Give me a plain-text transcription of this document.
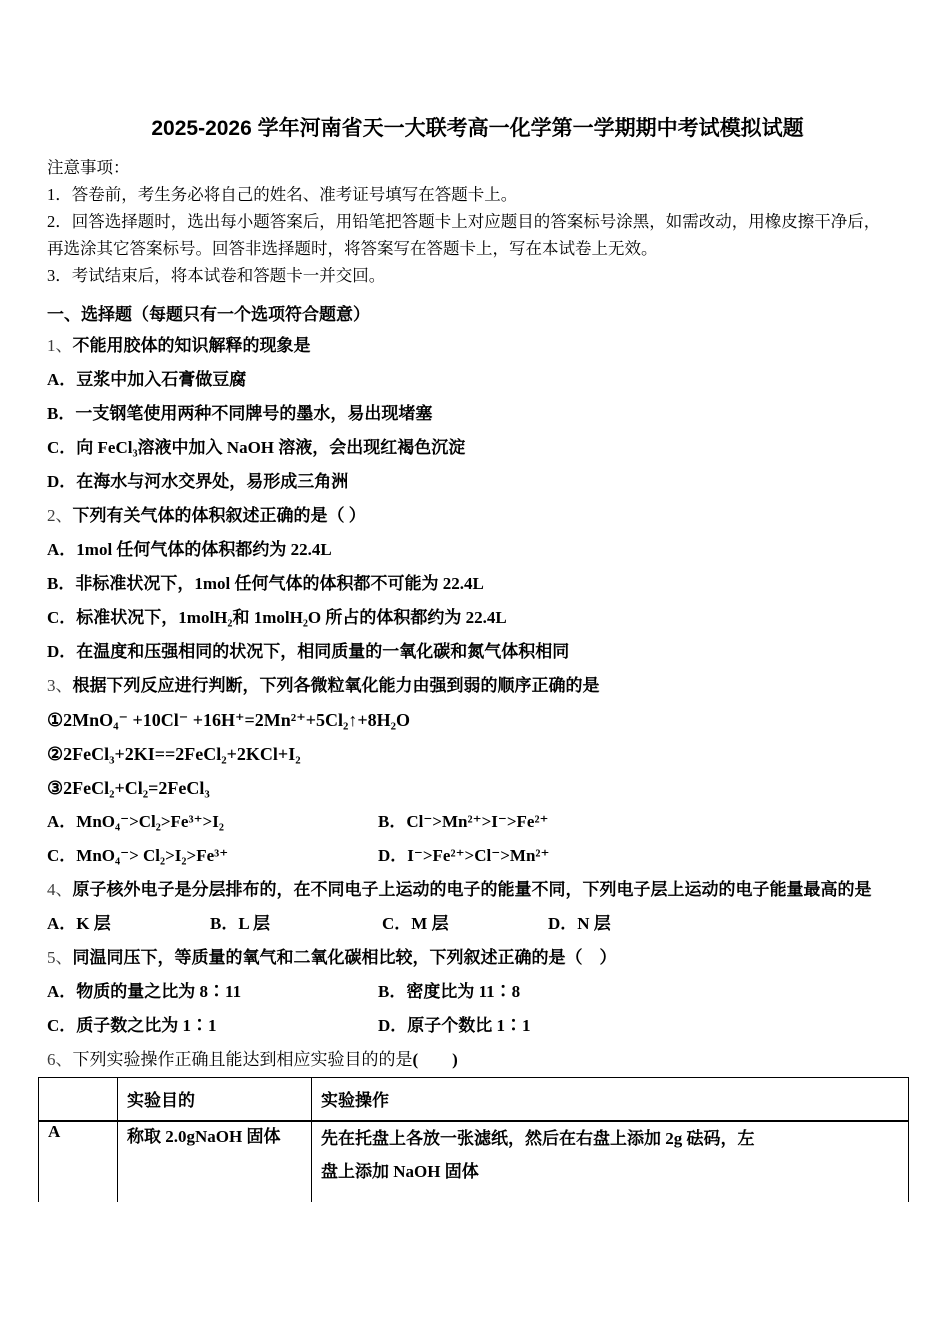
2025-2026 学年河南省天一大联考高一化学第一学期期中考试模拟试题
注意事项：
1．答卷前，考生务必将自己的姓名、准考证号填写在答题卡上。
2．回答选择题时，选出每小题答案后，用铅笔把答题卡上对应题目的答案标号涂黑，如需改动，用橡皮擦干净后，
再选涂其它答案标号。回答非选择题时，将答案写在答题卡上，写在本试卷上无效。
3．考试结束后，将本试卷和答题卡一并交回。
一、选择题（每题只有一个选项符合题意）
1、不能用胶体的知识解释的现象是
A．豆浆中加入石膏做豆腐
B．一支钢笔使用两种不同牌号的墨水，易出现堵塞
C．向 FeCl₃溶液中加入 NaOH 溶液，会出现红褐色沉淀
D．在海水与河水交界处，易形成三角洲
2、下列有关气体的体积叙述正确的是（ ）
A．1mol 任何气体的体积都约为 22.4L
B．非标准状况下，1mol 任何气体的体积都不可能为 22.4L
C．标准状况下，1molH₂和 1molH₂O 所占的体积都约为 22.4L
D．在温度和压强相同的状况下，相同质量的一氧化碳和氮气体积相同
3、根据下列反应进行判断，下列各微粒氧化能力由强到弱的顺序正确的是
①2MnO₄⁻ +10Cl⁻ +16H⁺=2Mn²⁺+5Cl₂↑+8H₂O
②2FeCl₃+2KI==2FeCl₂+2KCl+I₂
③2FeCl₂+Cl₂=2FeCl₃
A．MnO₄⁻>Cl₂>Fe³⁺>I₂	B．Cl⁻>Mn²⁺>I⁻>Fe²⁺
C．MnO₄⁻> Cl₂>I₂>Fe³⁺	D．I⁻>Fe²⁺>Cl⁻>Mn²⁺
4、原子核外电子是分层排布的，在不同电子上运动的电子的能量不同，下列电子层上运动的电子能量最高的是
A．K 层	B．L 层	C．M 层	D．N 层
5、同温同压下，等质量的氧气和二氧化碳相比较，下列叙述正确的是（　）
A．物质的量之比为 8∶11	B．密度比为 11∶8
C．质子数之比为 1∶1	D．原子个数比 1∶1
6、下列实验操作正确且能达到相应实验目的的是(　　)
	实验目的	实验操作
A	称取 2.0gNaOH 固体	先在托盘上各放一张滤纸，然后在右盘上添加 2g 砝码，左
盘上添加 NaOH 固体
